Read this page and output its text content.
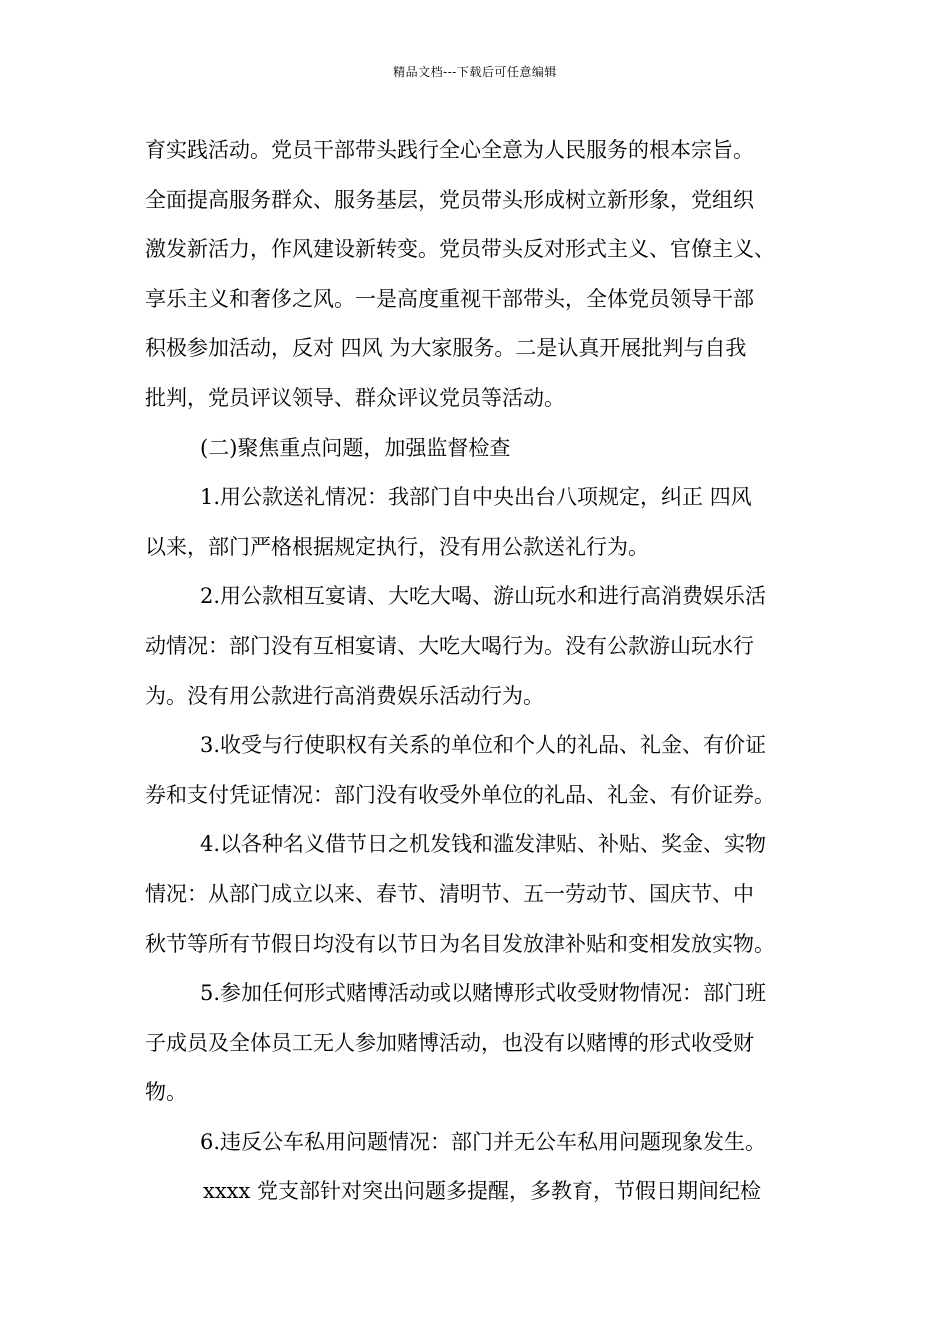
精品文档---下载后可任意编辑
育实践活动。党员干部带头践行全心全意为人民服务的根本宗旨。
全面提高服务群众、服务基层，党员带头形成树立新形象，党组织
激发新活力，作风建设新转变。党员带头反对形式主义、官僚主义、
享乐主义和奢侈之风。一是高度重视干部带头，全体党员领导干部
积极参加活动，反对 四风 为大家服务。二是认真开展批判与自我
批判，党员评议领导、群众评议党员等活动。
(二)聚焦重点问题，加强监督检查
1.用公款送礼情况：我部门自中央出台八项规定，纠正 四风
以来，部门严格根据规定执行，没有用公款送礼行为。
2.用公款相互宴请、大吃大喝、游山玩水和进行高消费娱乐活
动情况：部门没有互相宴请、大吃大喝行为。没有公款游山玩水行
为。没有用公款进行高消费娱乐活动行为。
3.收受与行使职权有关系的单位和个人的礼品、礼金、有价证
券和支付凭证情况：部门没有收受外单位的礼品、礼金、有价证券。
4.以各种名义借节日之机发钱和滥发津贴、补贴、奖金、实物
情况：从部门成立以来、春节、清明节、五一劳动节、国庆节、中
秋节等所有节假日均没有以节日为名目发放津补贴和变相发放实物。
5.参加任何形式赌博活动或以赌博形式收受财物情况：部门班
子成员及全体员工无人参加赌博活动，也没有以赌博的形式收受财
物。
6.违反公车私用问题情况：部门并无公车私用问题现象发生。
xxxx 党支部针对突出问题多提醒，多教育，节假日期间纪检
